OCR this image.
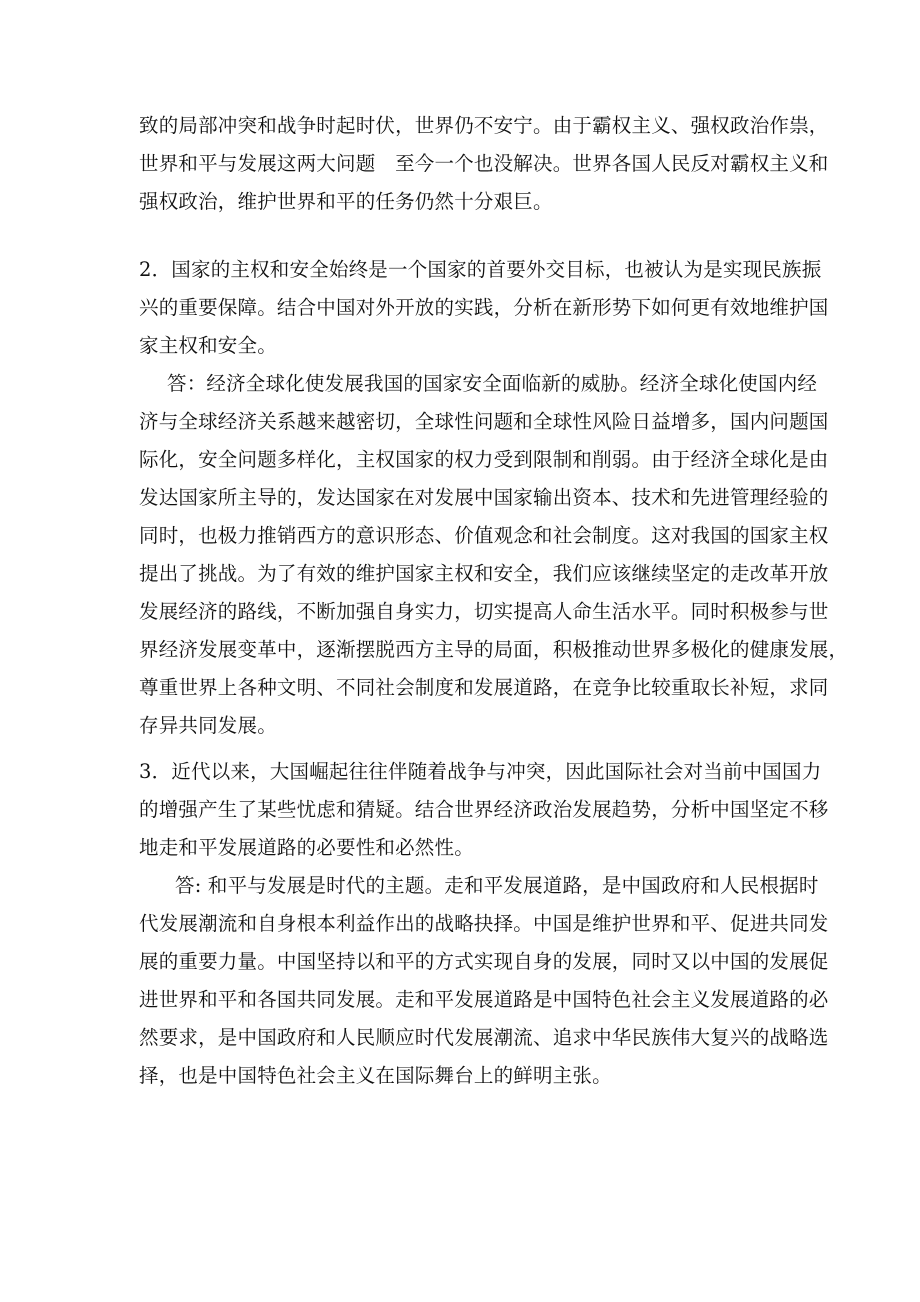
致的局部冲突和战争时起时伏，世界仍不安宁。由于霸权主义、强权政治作祟，
世界和平与发展这两大问题　至今一个也没解决。世界各国人民反对霸权主义和
强权政治，维护世界和平的任务仍然十分艰巨。
2．国家的主权和安全始终是一个国家的首要外交目标，也被认为是实现民族振
兴的重要保障。结合中国对外开放的实践，分析在新形势下如何更有效地维护国
家主权和安全。
答：经济全球化使发展我国的国家安全面临新的威胁。经济全球化使国内经
济与全球经济关系越来越密切，全球性问题和全球性风险日益增多，国内问题国
际化，安全问题多样化，主权国家的权力受到限制和削弱。由于经济全球化是由
发达国家所主导的，发达国家在对发展中国家输出资本、技术和先进管理经验的
同时，也极力推销西方的意识形态、价值观念和社会制度。这对我国的国家主权
提出了挑战。为了有效的维护国家主权和安全，我们应该继续坚定的走改革开放
发展经济的路线，不断加强自身实力，切实提高人命生活水平。同时积极参与世
界经济发展变革中，逐渐摆脱西方主导的局面，积极推动世界多极化的健康发展，
尊重世界上各种文明、不同社会制度和发展道路，在竞争比较重取长补短，求同
存异共同发展。
3．近代以来，大国崛起往往伴随着战争与冲突，因此国际社会对当前中国国力
的增强产生了某些忧虑和猜疑。结合世界经济政治发展趋势，分析中国坚定不移
地走和平发展道路的必要性和必然性。
答: 和平与发展是时代的主题。走和平发展道路，是中国政府和人民根据时
代发展潮流和自身根本利益作出的战略抉择。中国是维护世界和平、促进共同发
展的重要力量。中国坚持以和平的方式实现自身的发展，同时又以中国的发展促
进世界和平和各国共同发展。走和平发展道路是中国特色社会主义发展道路的必
然要求，是中国政府和人民顺应时代发展潮流、追求中华民族伟大复兴的战略选
择，也是中国特色社会主义在国际舞台上的鲜明主张。
